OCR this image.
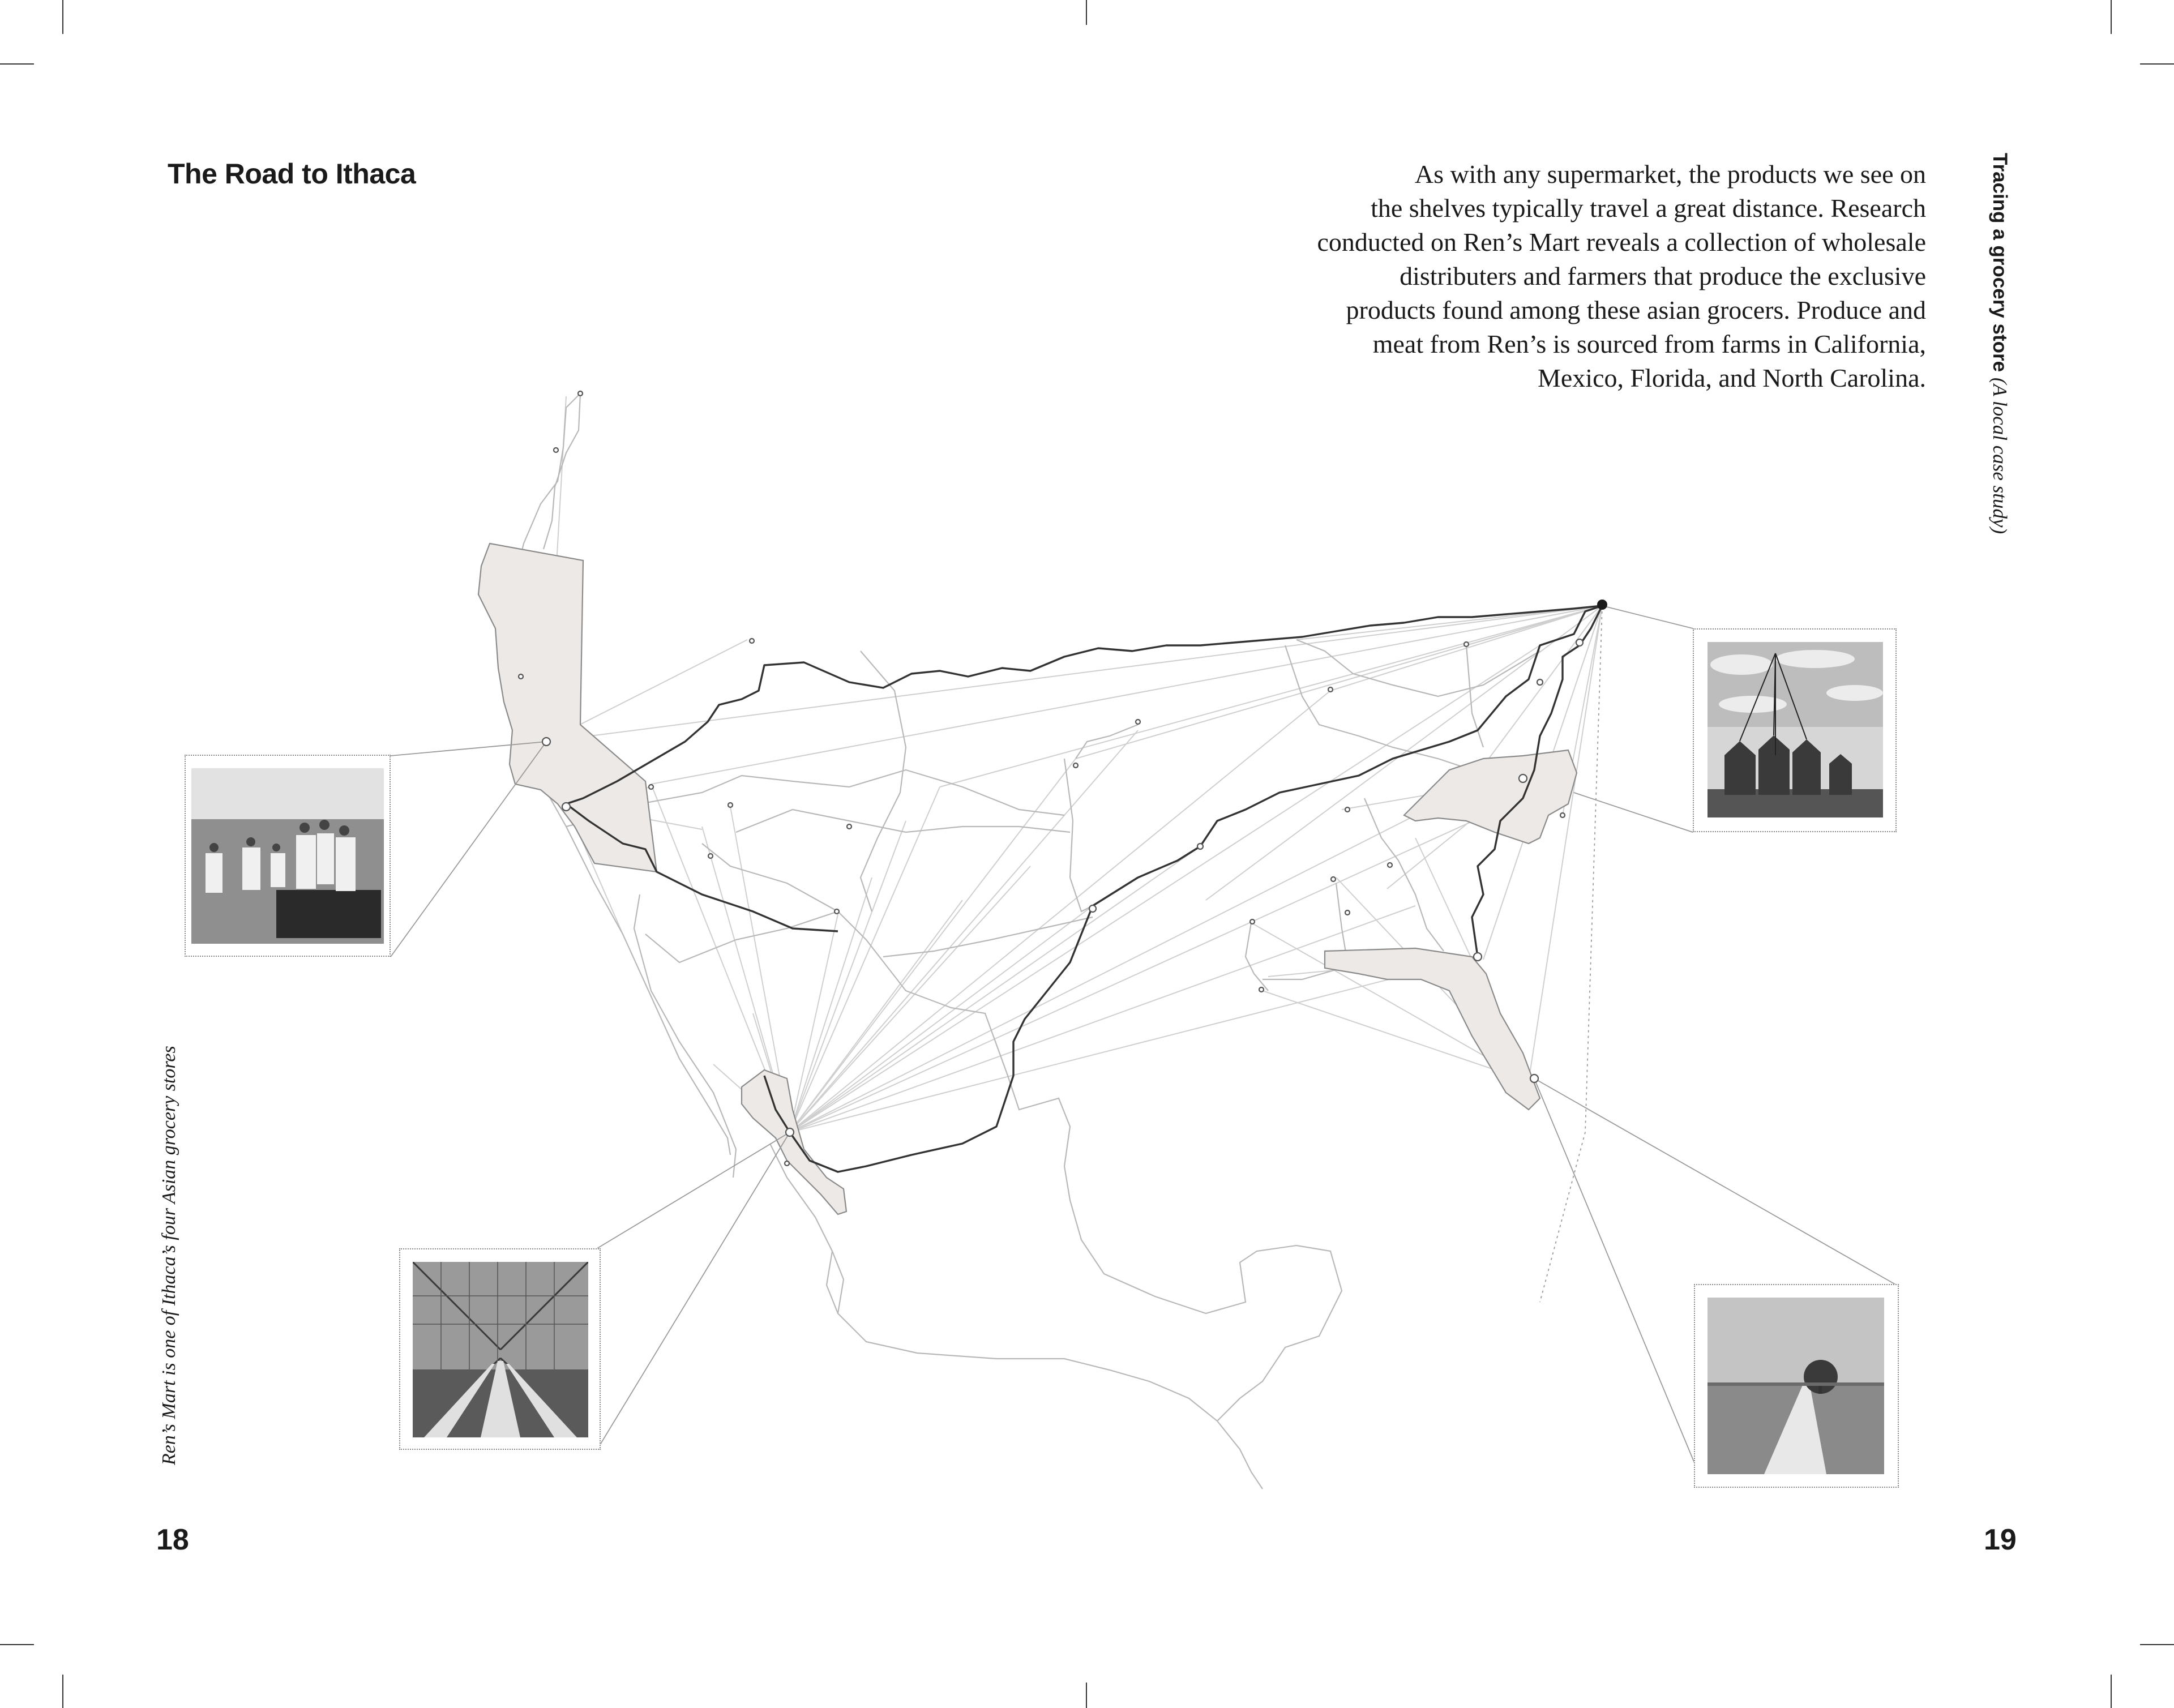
The Road to Ithaca	As with any supermarket, the products we see on
the shelves typically travel a great distance. Research
conducted on Ren’s Mart reveals a collection of wholesale
distributers and farmers that produce the exclusive
products found among these asian grocers. Produce and
meat from Ren’s is sourced from farms in California,
Mexico, Florida, and North Carolina.
Tracing a grocery store (A local case study)
Ren’s Mart is one of Ithaca’s four Asian grocery stores
18	19
